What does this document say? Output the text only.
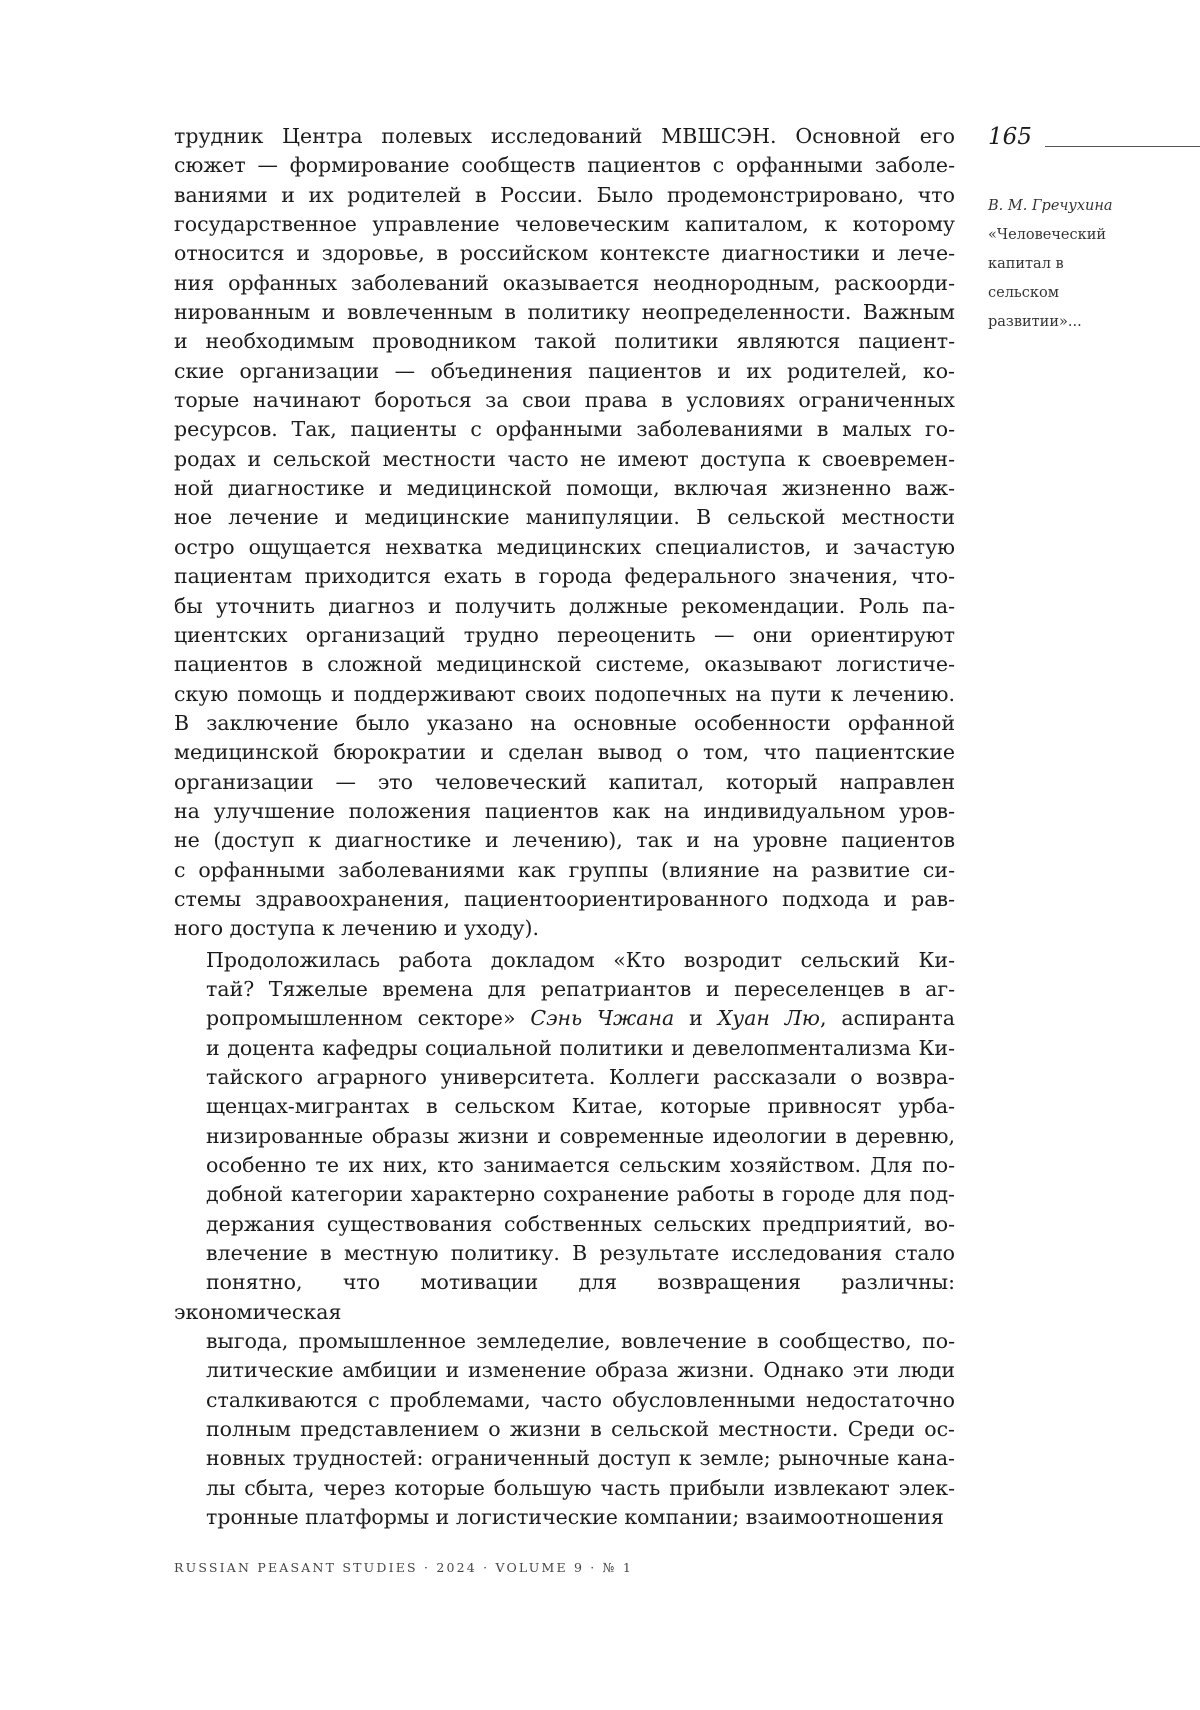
165
В. М. Гречухина
«Человеческий капитал в сельском развитии»...

трудник Центра полевых исследований МВШСЭН. Основной его
сюжет — формирование сообществ пациентов с орфанными заболе-
ваниями и их родителей в России. Было продемонстрировано, что
государственное управление человеческим капиталом, к которому
относится и здоровье, в российском контексте диагностики и лече-
ния орфанных заболеваний оказывается неоднородным, раскоорди-
нированным и вовлеченным в политику неопределенности. Важным
и необходимым проводником такой политики являются пациент-
ские организации — объединения пациентов и их родителей, ко-
торые начинают бороться за свои права в условиях ограниченных
ресурсов. Так, пациенты с орфанными заболеваниями в малых го-
родах и сельской местности часто не имеют доступа к своевремен-
ной диагностике и медицинской помощи, включая жизненно важ-
ное лечение и медицинские манипуляции. В сельской местности
остро ощущается нехватка медицинских специалистов, и зачастую
пациентам приходится ехать в города федерального значения, что-
бы уточнить диагноз и получить должные рекомендации. Роль па-
циентских организаций трудно переоценить — они ориентируют
пациентов в сложной медицинской системе, оказывают логистиче-
скую помощь и поддерживают своих подопечных на пути к лечению.
В заключение было указано на основные особенности орфанной
медицинской бюрократии и сделан вывод о том, что пациентские
организации — это человеческий капитал, который направлен
на улучшение положения пациентов как на индивидуальном уров-
не (доступ к диагностике и лечению), так и на уровне пациентов
с орфанными заболеваниями как группы (влияние на развитие си-
стемы здравоохранения, пациентоориентированного подхода и рав-
ного доступа к лечению и уходу).

Продоложилась работа докладом «Кто возродит сельский Ки-
тай? Тяжелые времена для репатриантов и переселенцев в аг-
ропромышленном секторе» Сэнь Чжана и Хуан Лю, аспиранта
и доцента кафедры социальной политики и девелопментализма Ки-
тайского аграрного университета. Коллеги рассказали о возвра-
щенцах-мигрантах в сельском Китае, которые привносят урба-
низированные образы жизни и современные идеологии в деревню,
особенно те их них, кто занимается сельским хозяйством. Для по-
добной категории характерно сохранение работы в городе для под-
держания существования собственных сельских предприятий, во-
влечение в местную политику. В результате исследования стало
понятно, что мотивации для возвращения различны: экономическая
выгода, промышленное земледелие, вовлечение в сообщество, по-
литические амбиции и изменение образа жизни. Однако эти люди
сталкиваются с проблемами, часто обусловленными недостаточно
полным представлением о жизни в сельской местности. Среди ос-
новных трудностей: ограниченный доступ к земле; рыночные кана-
лы сбыта, через которые большую часть прибыли извлекают элек-
тронные платформы и логистические компании; взаимоотношения

RUSSIAN PEASANT STUDIES · 2024 · VOLUME 9 · № 1
